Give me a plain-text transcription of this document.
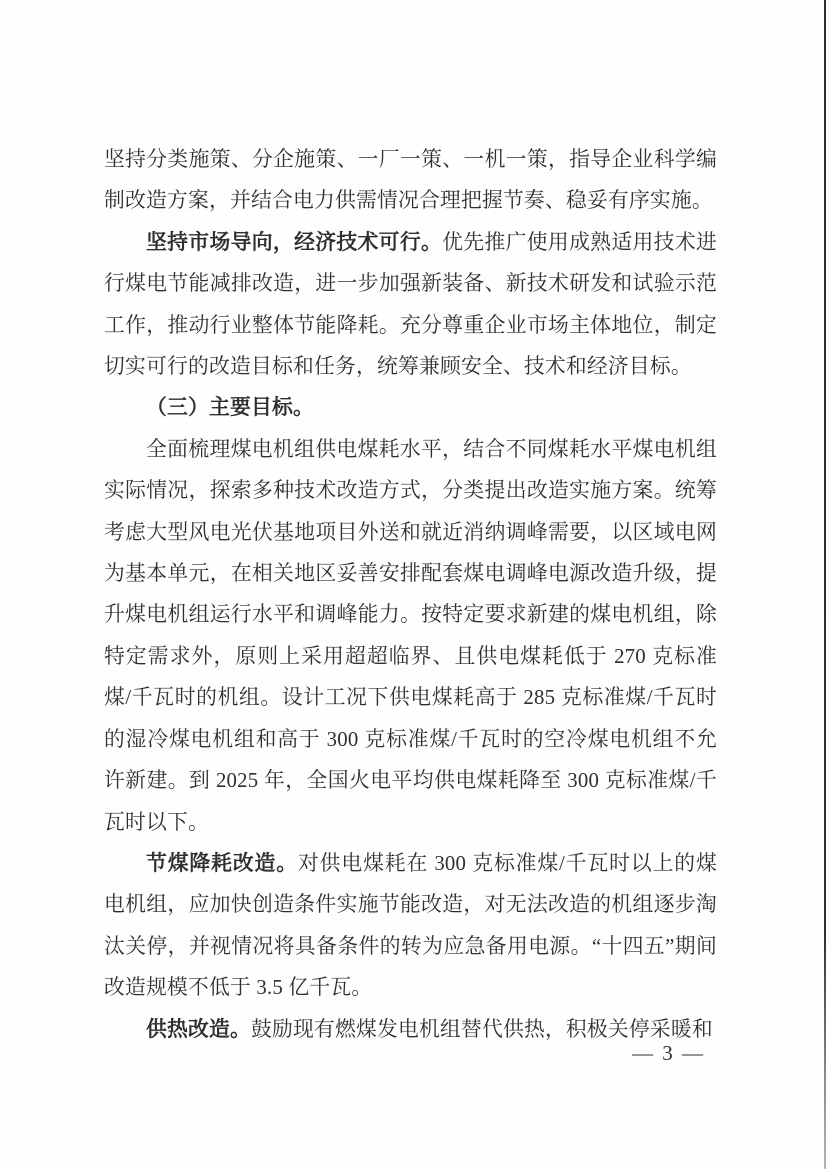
坚持分类施策、分企施策、一厂一策、一机一策，指导企业科学编制改造方案，并结合电力供需情况合理把握节奏、稳妥有序实施。

坚持市场导向，经济技术可行。优先推广使用成熟适用技术进行煤电节能减排改造，进一步加强新装备、新技术研发和试验示范工作，推动行业整体节能降耗。充分尊重企业市场主体地位，制定切实可行的改造目标和任务，统筹兼顾安全、技术和经济目标。

（三）主要目标。

全面梳理煤电机组供电煤耗水平，结合不同煤耗水平煤电机组实际情况，探索多种技术改造方式，分类提出改造实施方案。统筹考虑大型风电光伏基地项目外送和就近消纳调峰需要，以区域电网为基本单元，在相关地区妥善安排配套煤电调峰电源改造升级，提升煤电机组运行水平和调峰能力。按特定要求新建的煤电机组，除特定需求外，原则上采用超超临界、且供电煤耗低于 270 克标准煤/千瓦时的机组。设计工况下供电煤耗高于 285 克标准煤/千瓦时的湿冷煤电机组和高于 300 克标准煤/千瓦时的空冷煤电机组不允许新建。到 2025 年，全国火电平均供电煤耗降至 300 克标准煤/千瓦时以下。

节煤降耗改造。对供电煤耗在 300 克标准煤/千瓦时以上的煤电机组，应加快创造条件实施节能改造，对无法改造的机组逐步淘汰关停，并视情况将具备条件的转为应急备用电源。“十四五”期间改造规模不低于 3.5 亿千瓦。

供热改造。鼓励现有燃煤发电机组替代供热，积极关停采暖和

— 3 —
